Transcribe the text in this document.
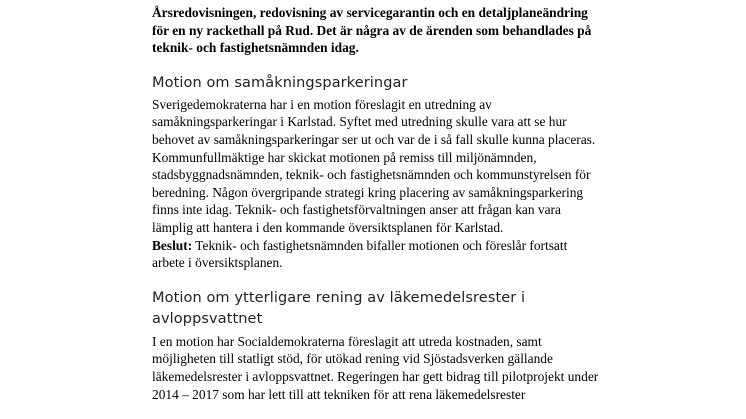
Årsredovisningen, redovisning av servicegarantin och en detaljplaneändring för en ny rackethall på Rud. Det är några av de ärenden som behandlades på teknik- och fastighetsnämnden idag.

Motion om samåkningsparkeringar

Sverigedemokraterna har i en motion föreslagit en utredning av samåkningsparkeringar i Karlstad. Syftet med utredning skulle vara att se hur behovet av samåkningsparkeringar ser ut och var de i så fall skulle kunna placeras. Kommunfullmäktige har skickat motionen på remiss till miljönämnden, stadsbyggnadsnämnden, teknik- och fastighetsnämnden och kommunstyrelsen för beredning. Någon övergripande strategi kring placering av samåkningsparkering finns inte idag. Teknik- och fastighetsförvaltningen anser att frågan kan vara lämplig att hantera i den kommande översiktsplanen för Karlstad.
Beslut: Teknik- och fastighetsnämnden bifaller motionen och föreslår fortsatt arbete i översiktsplanen.

Motion om ytterligare rening av läkemedelsrester i avloppsvattnet

I en motion har Socialdemokraterna föreslagit att utreda kostnaden, samt möjligheten till statligt stöd, för utökad rening vid Sjöstadsverken gällande läkemedelsrester i avloppsvattnet. Regeringen har gett bidrag till pilotprojekt under 2014 – 2017 som har lett till att tekniken för att rena läkemedelsrester
